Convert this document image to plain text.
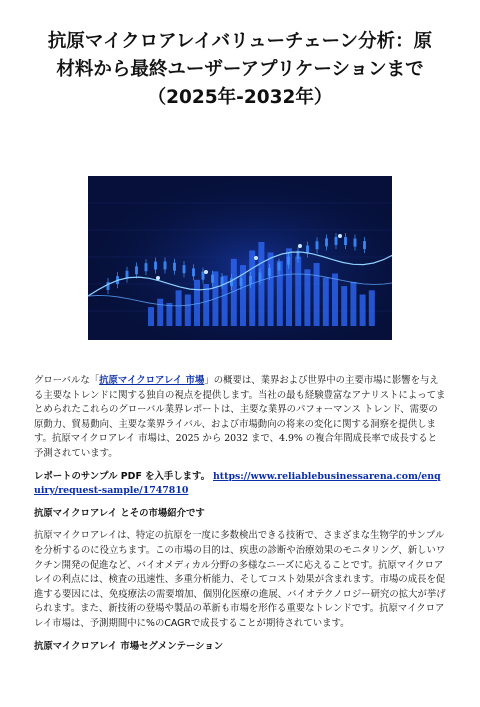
抗原マイクロアレイバリューチェーン分析：原
材料から最終ユーザーアプリケーションまで
（2025年-2032年）

グローバルな「抗原マイクロアレイ 市場」の概要は、業界および世界中の主要市場に影響を与える主要なトレンドに関する独自の視点を提供します。当社の最も経験豊富なアナリストによってまとめられたこれらのグローバル業界レポートは、主要な業界のパフォーマンス トレンド、需要の原動力、貿易動向、主要な業界ライバル、および市場動向の将来の変化に関する洞察を提供します。抗原マイクロアレイ 市場は、2025 から 2032 まで、4.9% の複合年間成長率で成長すると予測されています。

レポートのサンプル PDF を入手します。 https://www.reliablebusinessarena.com/enquiry/request-sample/1747810

抗原マイクロアレイ とその市場紹介です

抗原マイクロアレイは、特定の抗原を一度に多数検出できる技術で、さまざまな生物学的サンプルを分析するのに役立ちます。この市場の目的は、疾患の診断や治療効果のモニタリング、新しいワクチン開発の促進など、バイオメディカル分野の多様なニーズに応えることです。抗原マイクロアレイの利点には、検査の迅速性、多重分析能力、そしてコスト効果が含まれます。市場の成長を促進する要因には、免疫療法の需要増加、個別化医療の進展、バイオテクノロジー研究の拡大が挙げられます。また、新技術の登場や製品の革新も市場を形作る重要なトレンドです。抗原マイクロアレイ市場は、予測期間中に%のCAGRで成長することが期待されています。

抗原マイクロアレイ 市場セグメンテーション
